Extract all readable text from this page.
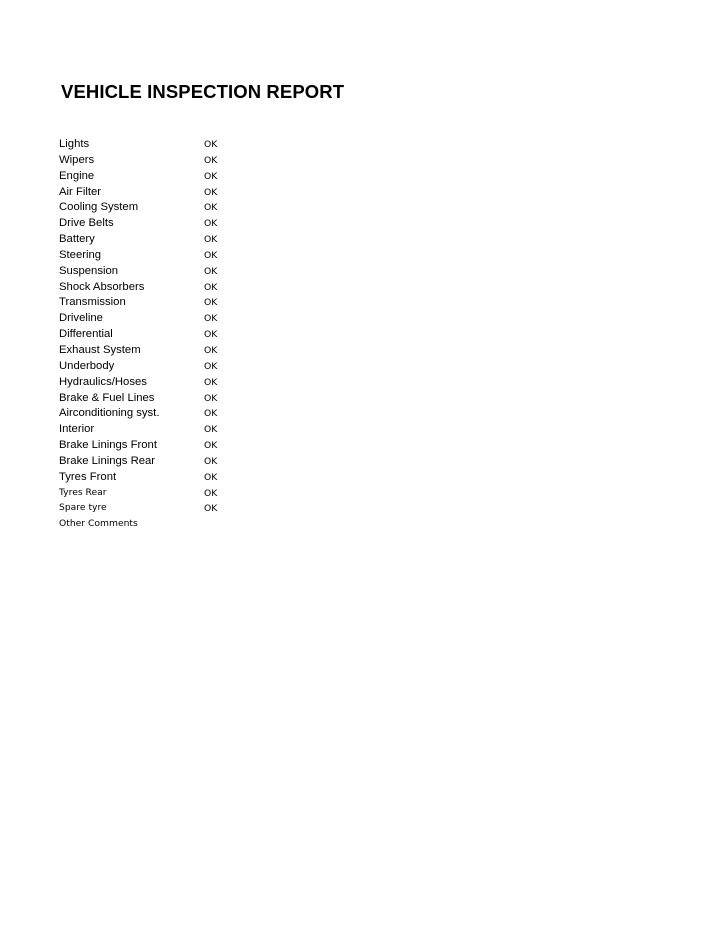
VEHICLE INSPECTION REPORT
Lights	OK
Wipers	OK
Engine	OK
Air Filter	OK
Cooling System	OK
Drive Belts	OK
Battery	OK
Steering	OK
Suspension	OK
Shock Absorbers	OK
Transmission	OK
Driveline	OK
Differential	OK
Exhaust System	OK
Underbody	OK
Hydraulics/Hoses	OK
Brake & Fuel Lines	OK
Airconditioning syst.	OK
Interior	OK
Brake Linings Front	OK
Brake Linings Rear	OK
Tyres Front	OK
Tyres Rear	OK
Spare tyre	OK
Other Comments
